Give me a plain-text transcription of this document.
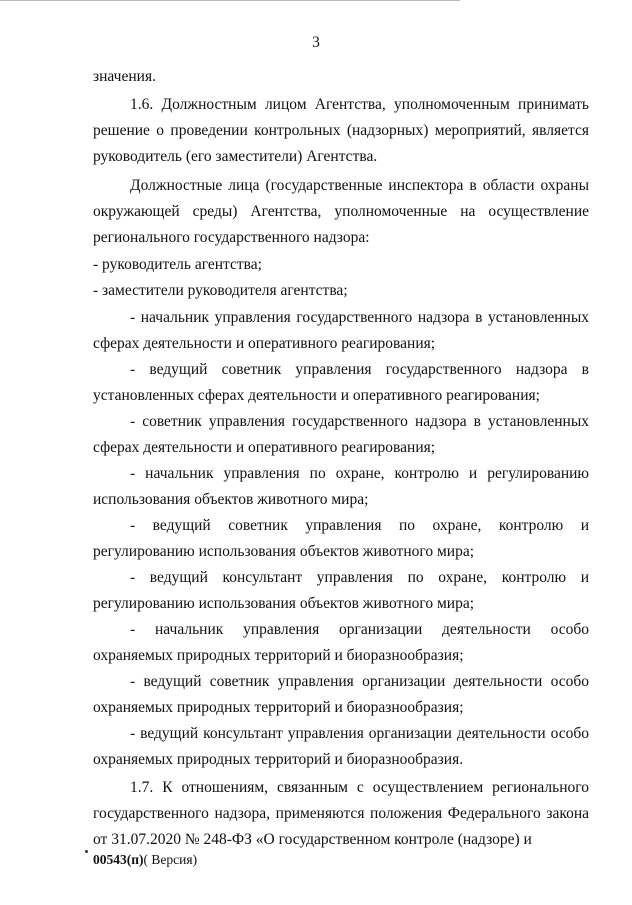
3

значения.

1.6. Должностным лицом Агентства, уполномоченным принимать решение о проведении контрольных (надзорных) мероприятий, является руководитель (его заместители) Агентства.

Должностные лица (государственные инспектора в области охраны окружающей среды) Агентства, уполномоченные на осуществление регионального государственного надзора:

- руководитель агентства;

- заместители руководителя агентства;

- начальник управления государственного надзора в установленных сферах деятельности и оперативного реагирования;

- ведущий советник управления государственного надзора в установленных сферах деятельности и оперативного реагирования;

- советник управления государственного надзора в установленных сферах деятельности и оперативного реагирования;

- начальник управления по охране, контролю и регулированию использования объектов животного мира;

- ведущий советник управления по охране, контролю и регулированию использования объектов животного мира;

- ведущий консультант управления по охране, контролю и регулированию использования объектов животного мира;

- начальник управления организации деятельности особо охраняемых природных территорий и биоразнообразия;

- ведущий советник управления организации деятельности особо охраняемых природных территорий и биоразнообразия;

- ведущий консультант управления организации деятельности особо охраняемых природных территорий и биоразнообразия.

1.7. К отношениям, связанным с осуществлением регионального государственного надзора, применяются положения Федерального закона от 31.07.2020 № 248-ФЗ «О государственном контроле (надзоре) и

00543(п)( Версия)
